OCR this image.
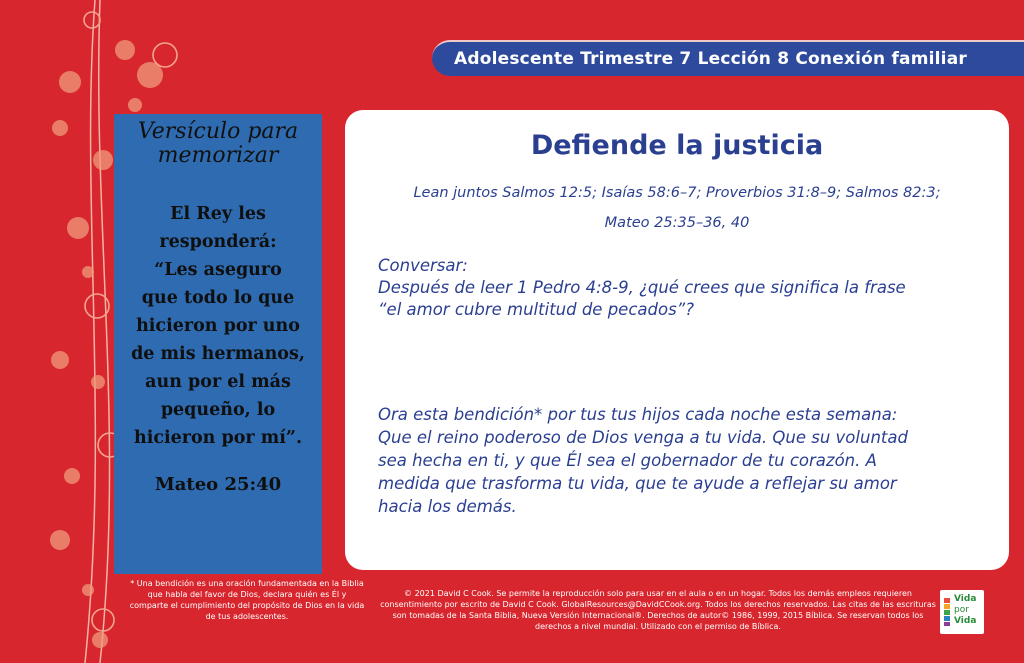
Adolescente Trimestre 7 Lección 8 Conexión familiar
Versículo para
memorizar
El Rey les
responderá:
“Les aseguro
que todo lo que
hicieron por uno
de mis hermanos,
aun por el más
pequeño, lo
hicieron por mí”.
Mateo 25:40
* Una bendición es una oración fundamentada en la Biblia que habla del favor de Dios, declara quién es Él y comparte el cumplimiento del propósito de Dios en la vida de tus adolescentes.
Defiende la justicia
Lean juntos Salmos 12:5; Isaías 58:6–7; Proverbios 31:8–9; Salmos 82:3;
Mateo 25:35–36, 40
Conversar:
Después de leer 1 Pedro 4:8-9, ¿qué crees que significa la frase
“el amor cubre multitud de pecados”?
Ora esta bendición* por tus tus hijos cada noche esta semana:
Que el reino poderoso de Dios venga a tu vida. Que su voluntad
sea hecha en ti, y que Él sea el gobernador de tu corazón. A
medida que trasforma tu vida, que te ayude a reflejar su amor
hacia los demás.
© 2021 David C Cook. Se permite la reproducción solo para usar en el aula o en un hogar. Todos los demás empleos requieren consentimiento por escrito de David C Cook. GlobalResources@DavidCCook.org. Todos los derechos reservados. Las citas de las escrituras son tomadas de la Santa Biblia, Nueva Versión Internacional®. Derechos de autor© 1986, 1999, 2015 Bíblica. Se reservan todos los derechos a nivel mundial. Utilizado con el permiso de Bíblica.
Vida
por
Vida
